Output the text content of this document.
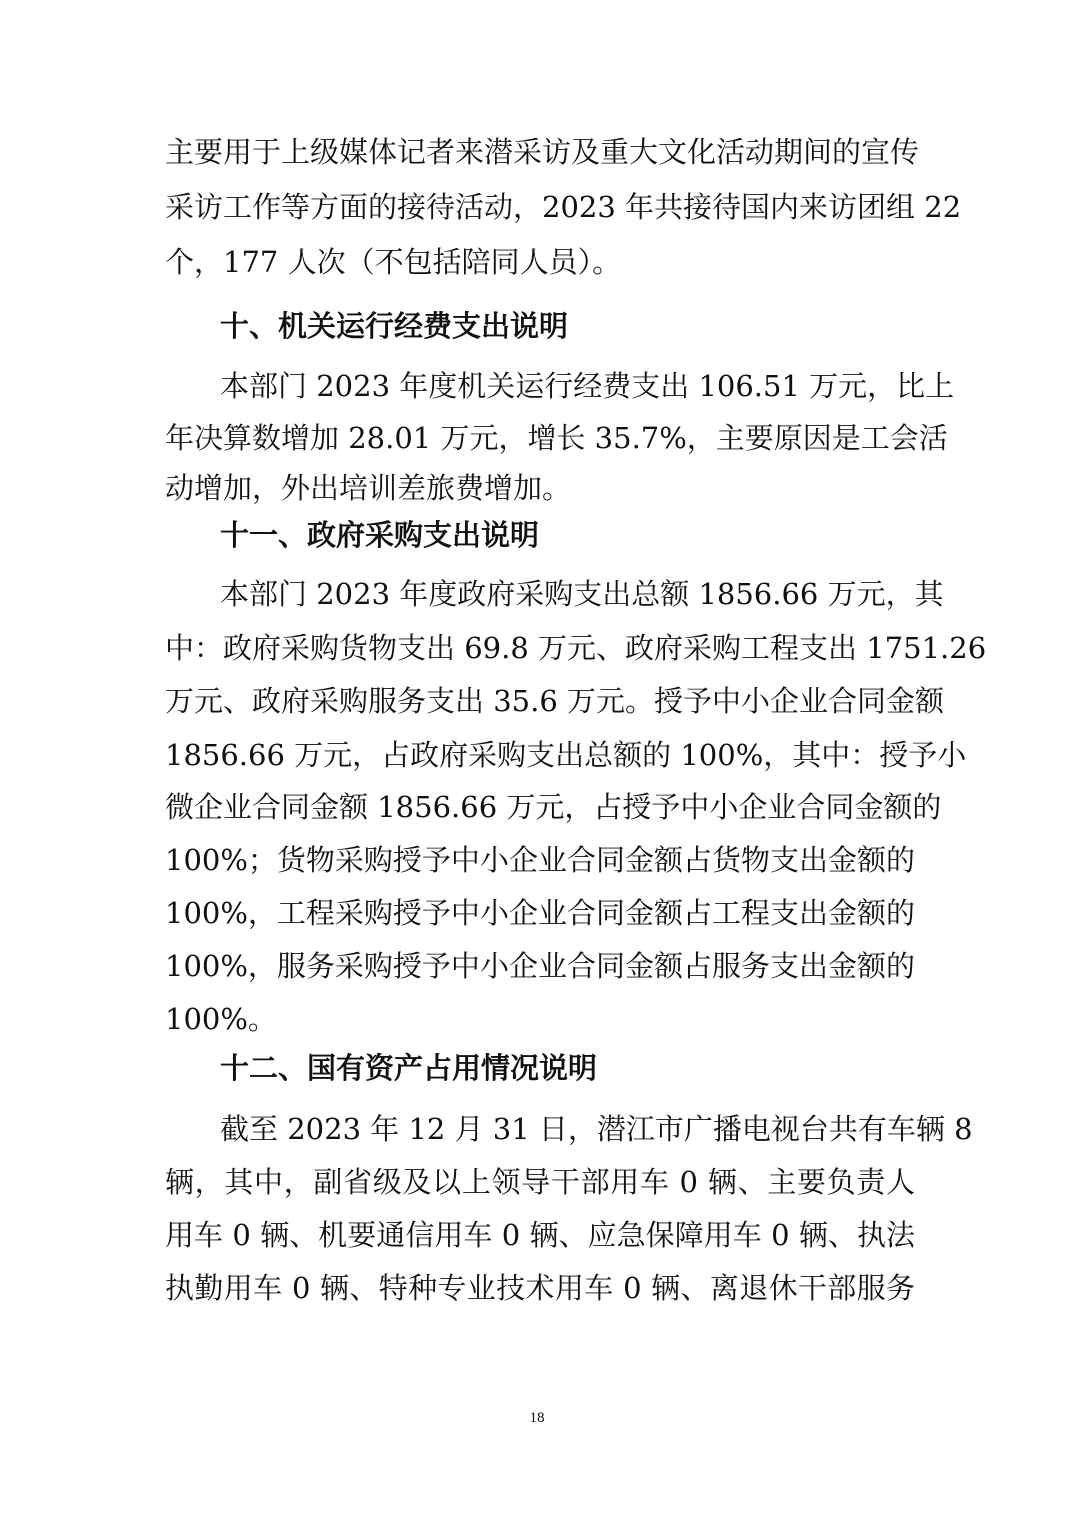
主要用于上级媒体记者来潜采访及重大文化活动期间的宣传
采访工作等方面的接待活动，2023 年共接待国内来访团组 22
个，177 人次（不包括陪同人员）。
十、机关运行经费支出说明
本部门 2023 年度机关运行经费支出 106.51 万元，比上
年决算数增加 28.01 万元，增长 35.7%，主要原因是工会活
动增加，外出培训差旅费增加。
十一、政府采购支出说明
本部门 2023 年度政府采购支出总额 1856.66 万元，其
中：政府采购货物支出 69.8 万元、政府采购工程支出 1751.26
万元、政府采购服务支出 35.6 万元。授予中小企业合同金额
1856.66 万元，占政府采购支出总额的 100%，其中：授予小
微企业合同金额 1856.66 万元，占授予中小企业合同金额的
100%；货物采购授予中小企业合同金额占货物支出金额的
100%，工程采购授予中小企业合同金额占工程支出金额的
100%，服务采购授予中小企业合同金额占服务支出金额的
100%。
十二、国有资产占用情况说明
截至 2023 年 12 月 31 日，潜江市广播电视台共有车辆 8
辆，其中，副省级及以上领导干部用车 0 辆、主要负责人
用车 0 辆、机要通信用车 0 辆、应急保障用车 0 辆、执法
执勤用车 0 辆、特种专业技术用车 0 辆、离退休干部服务
18
